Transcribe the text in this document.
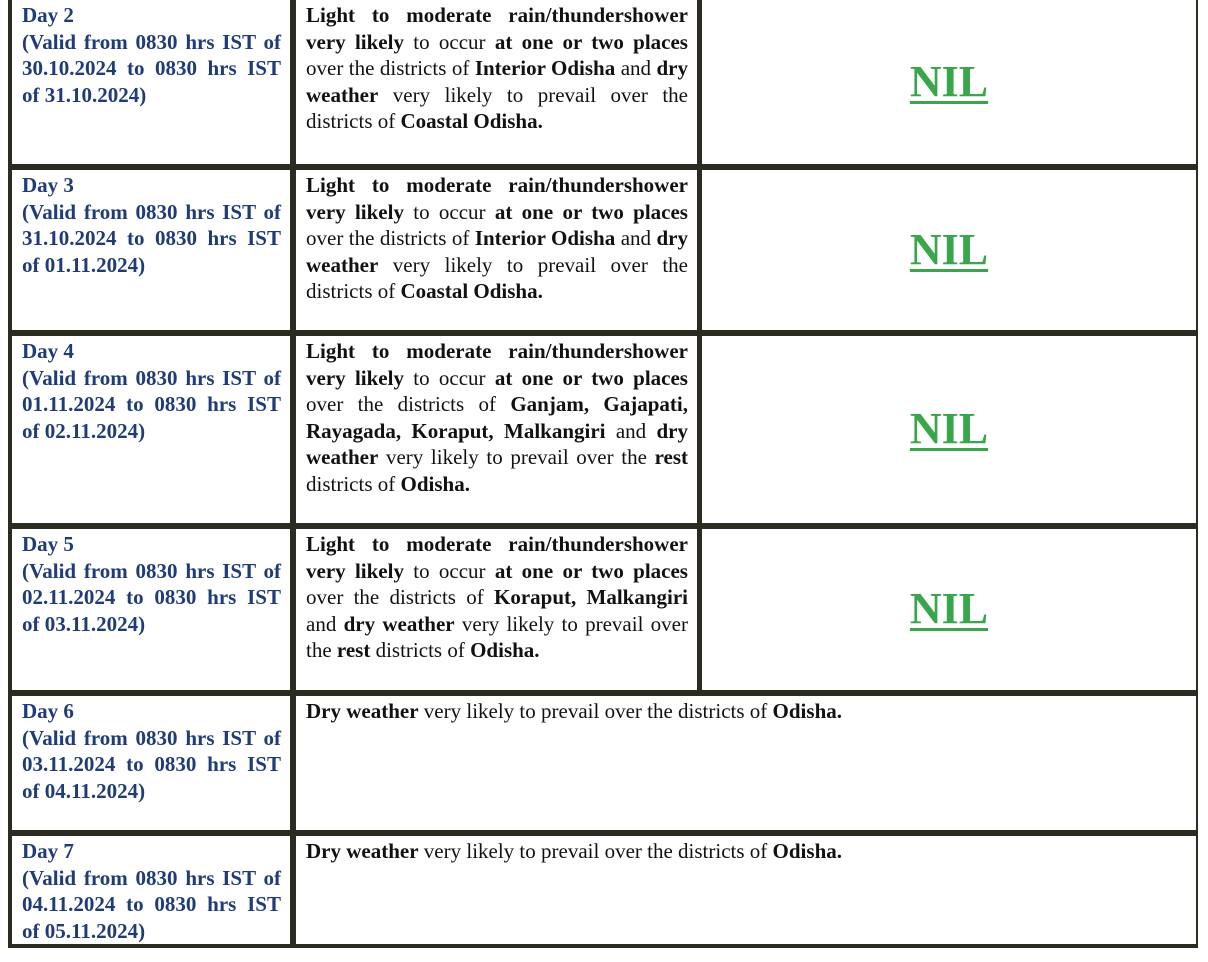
Day 2
(Valid from 0830 hrs IST of 30.10.2024 to 0830 hrs IST of 31.10.2024)
Light to moderate rain/thundershower very likely to occur at one or two places over the districts of Interior Odisha and dry weather very likely to prevail over the districts of Coastal Odisha.
NIL
Day 3
(Valid from 0830 hrs IST of 31.10.2024 to 0830 hrs IST of 01.11.2024)
Light to moderate rain/thundershower very likely to occur at one or two places over the districts of Interior Odisha and dry weather very likely to prevail over the districts of Coastal Odisha.
NIL
Day 4
(Valid from 0830 hrs IST of 01.11.2024 to 0830 hrs IST of 02.11.2024)
Light to moderate rain/thundershower very likely to occur at one or two places over the districts of Ganjam, Gajapati, Rayagada, Koraput, Malkangiri and dry weather very likely to prevail over the rest districts of Odisha.
NIL
Day 5
(Valid from 0830 hrs IST of 02.11.2024 to 0830 hrs IST of 03.11.2024)
Light to moderate rain/thundershower very likely to occur at one or two places over the districts of Koraput, Malkangiri and dry weather very likely to prevail over the rest districts of Odisha.
NIL
Day 6
(Valid from 0830 hrs IST of 03.11.2024 to 0830 hrs IST of 04.11.2024)
Dry weather very likely to prevail over the districts of Odisha.
Day 7
(Valid from 0830 hrs IST of 04.11.2024 to 0830 hrs IST of 05.11.2024)
Dry weather very likely to prevail over the districts of Odisha.
